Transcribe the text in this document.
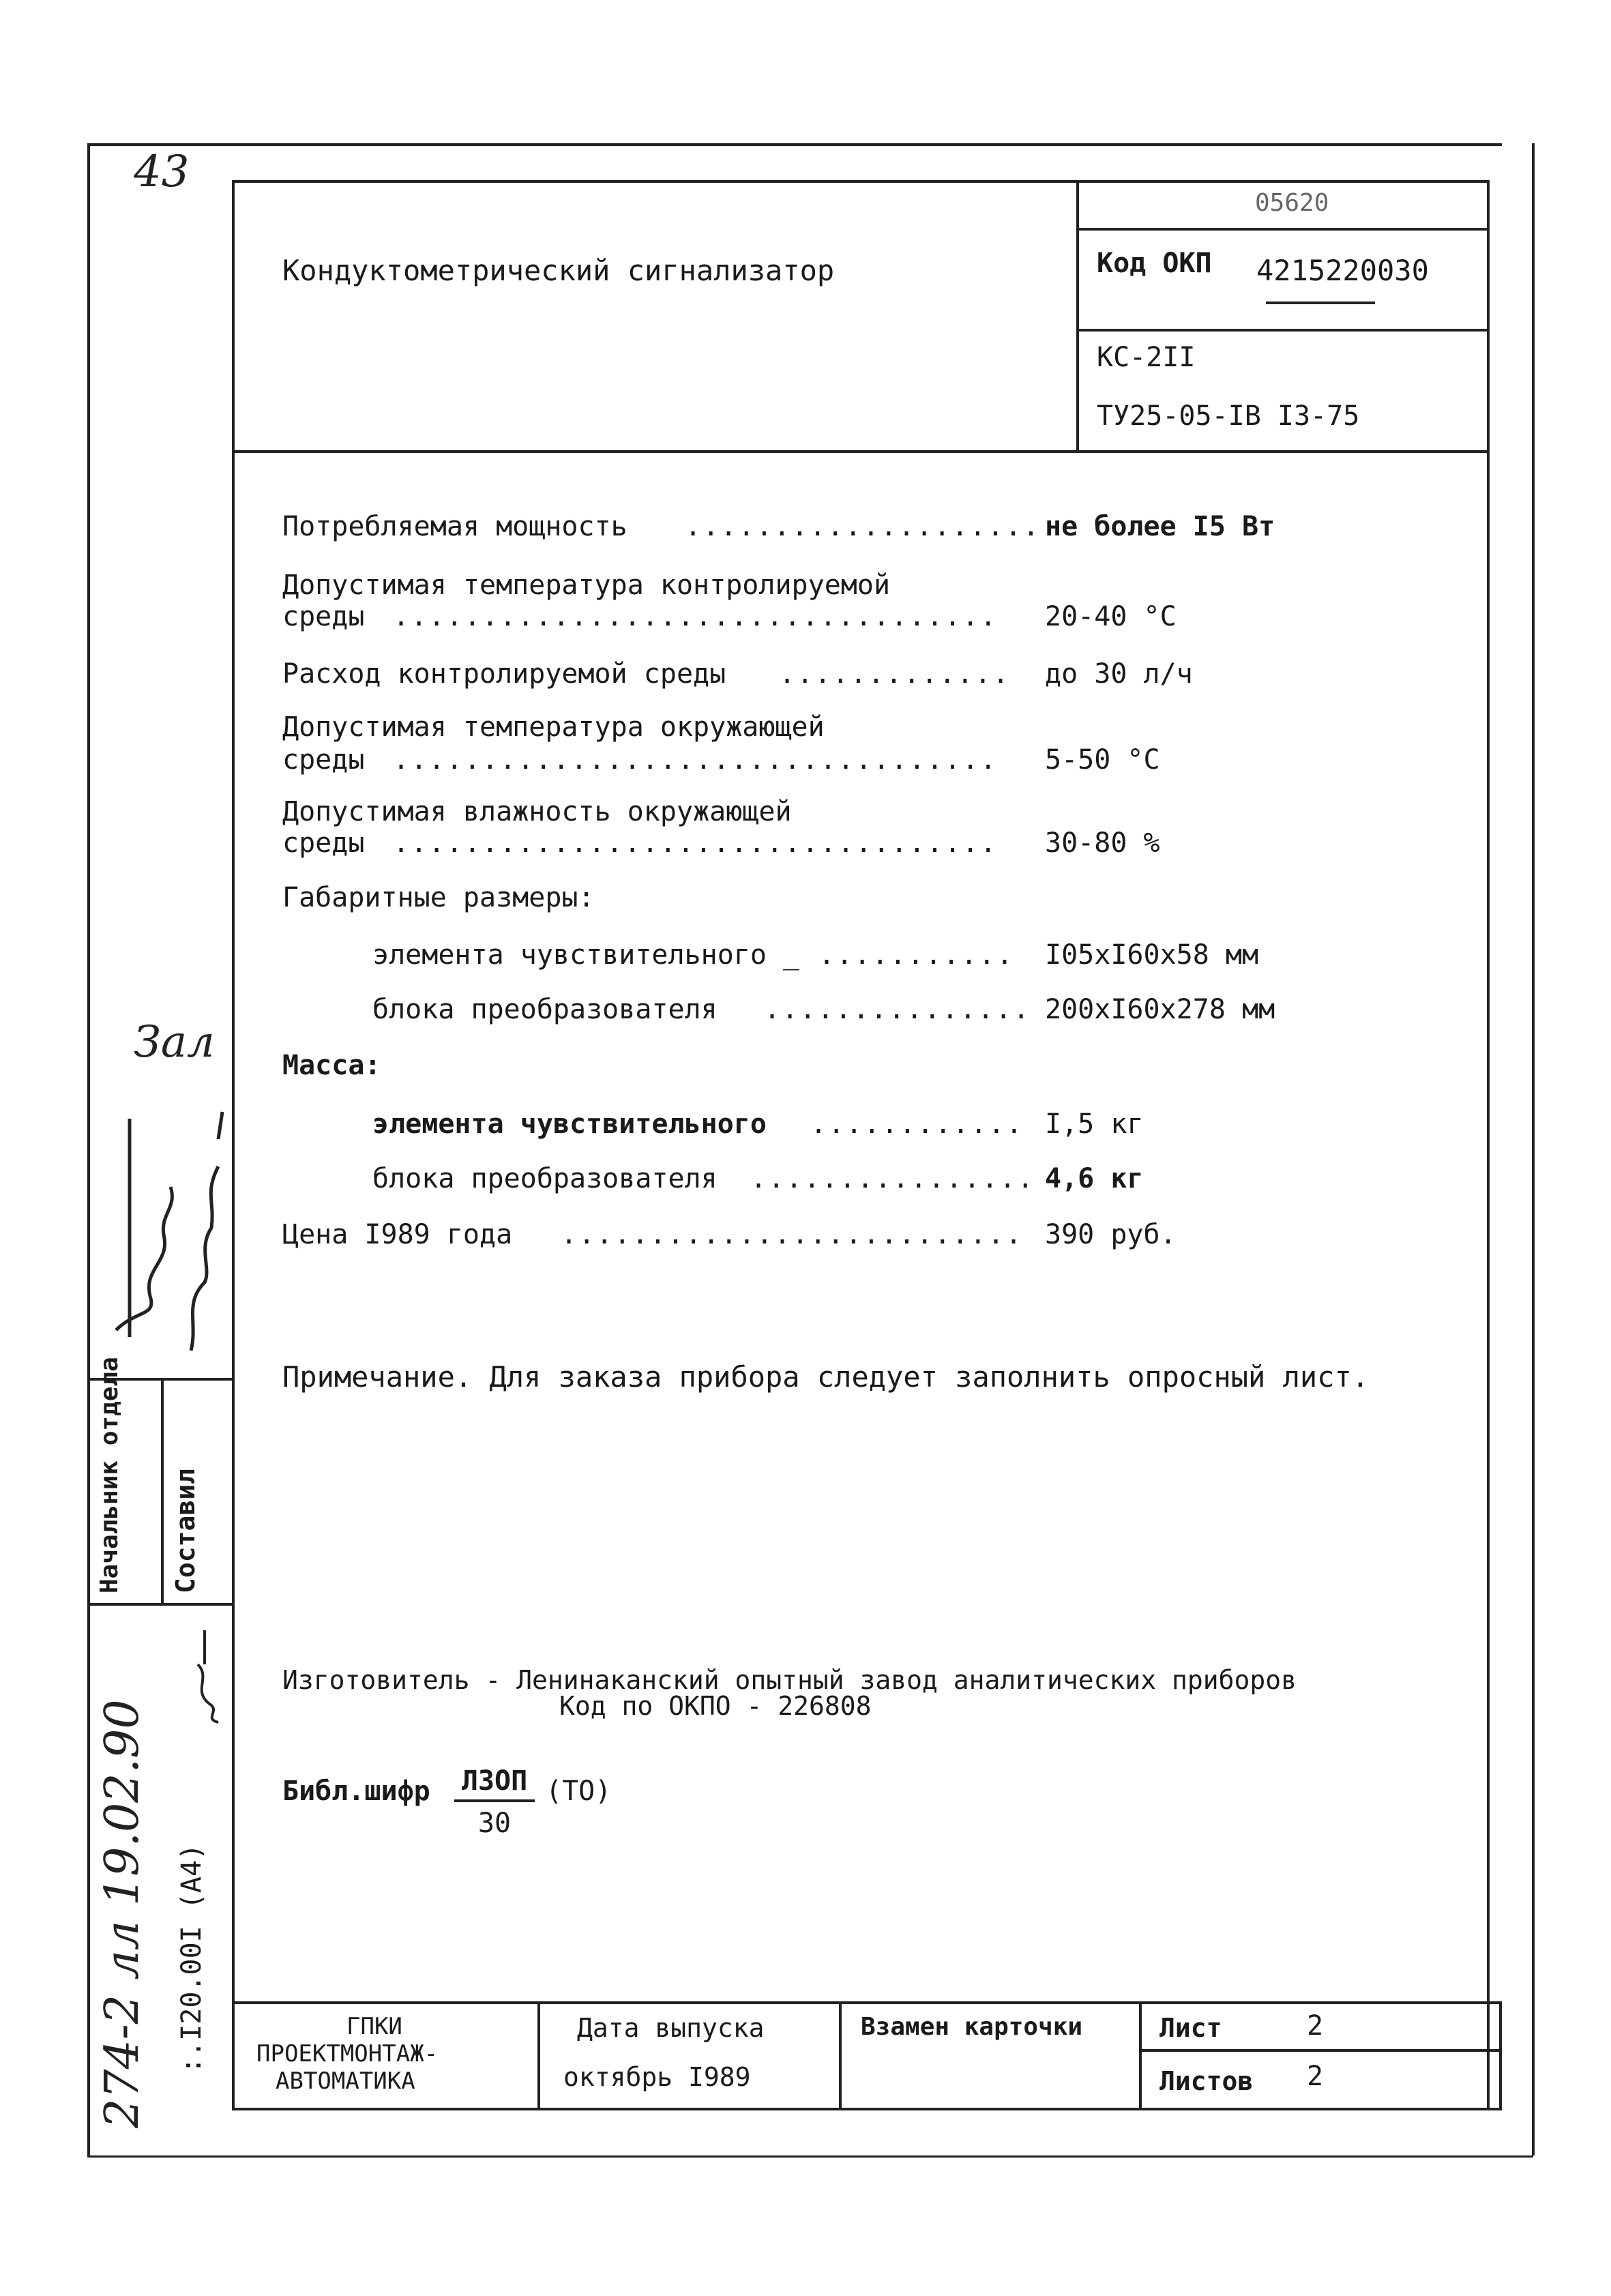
43
Кондуктометрический сигнализатор
05620
Код ОКП 4215220030
КС-2II
ТУ25-05-IВ I3-75
Потребляемая мощность .................... не более I5 Вт
Допустимая температура контролируемой
среды .................................. 20-40 °C
Расход контролируемой среды ............. до 30 л/ч
Допустимая температура окружающей
среды .................................. 5-50 °C
Допустимая влажность окружающей
среды .................................. 30-80 %
Габаритные размеры:
элемента чувствительного _ ........... I05xI60x58 мм
блока преобразователя ............... 200xI60x278 мм
Масса:
элемента чувствительного ............ I,5 кг
блока преобразователя ................ 4,6 кг
Цена I989 года .......................... 390 руб.
Примечание. Для заказа прибора следует заполнить опросный лист.
Изготовитель - Ленинаканский опытный завод аналитических приборов
Код по ОКПО - 226808
Библ.шифр ЛЗОП
30
(ТО)
Начальник отдела Составил
:.I20.00I (А4)
274-2 лл 19.02.90
Зал
ГПКИ
ПРОЕКТМОНТАЖ-
АВТОМАТИКА
Дата выпуска
октябрь I989
Взамен карточки	Лист	2
Листов 2
